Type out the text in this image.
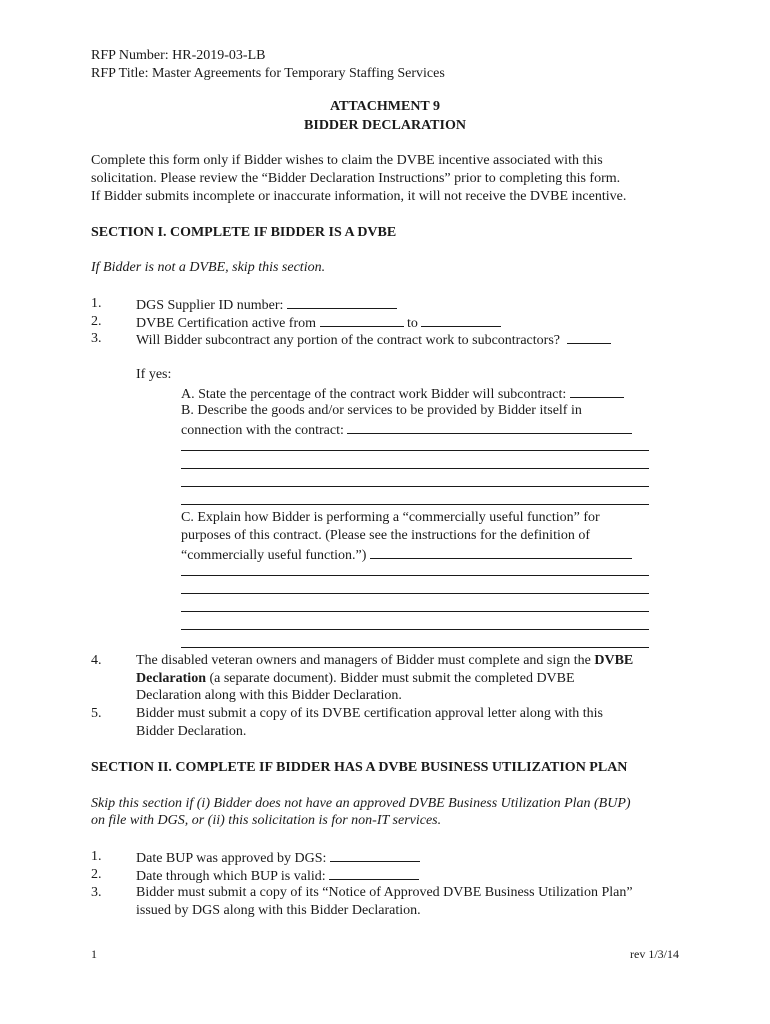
RFP Number: HR-2019-03-LB
RFP Title: Master Agreements for Temporary Staffing Services
ATTACHMENT 9
BIDDER DECLARATION
Complete this form only if Bidder wishes to claim the DVBE incentive associated with this
solicitation. Please review the “Bidder Declaration Instructions” prior to completing this form.
If Bidder submits incomplete or inaccurate information, it will not receive the DVBE incentive.
SECTION I. COMPLETE IF BIDDER IS A DVBE
If Bidder is not a DVBE, skip this section.
1. DGS Supplier ID number:
2. DVBE Certification active from	to
3. Will Bidder subcontract any portion of the contract work to subcontractors?
If yes:
A. State the percentage of the contract work Bidder will subcontract:
B. Describe the goods and/or services to be provided by Bidder itself in
connection with the contract:
C. Explain how Bidder is performing a “commercially useful function” for
purposes of this contract. (Please see the instructions for the definition of
“commercially useful function.”)
4. The disabled veteran owners and managers of Bidder must complete and sign the DVBE
Declaration (a separate document). Bidder must submit the completed DVBE
Declaration along with this Bidder Declaration.
5. Bidder must submit a copy of its DVBE certification approval letter along with this
Bidder Declaration.
SECTION II. COMPLETE IF BIDDER HAS A DVBE BUSINESS UTILIZATION PLAN
Skip this section if (i) Bidder does not have an approved DVBE Business Utilization Plan (BUP)
on file with DGS, or (ii) this solicitation is for non-IT services.
1. Date BUP was approved by DGS:
2. Date through which BUP is valid:
3. Bidder must submit a copy of its “Notice of Approved DVBE Business Utilization Plan”
issued by DGS along with this Bidder Declaration.
1	rev 1/3/14
